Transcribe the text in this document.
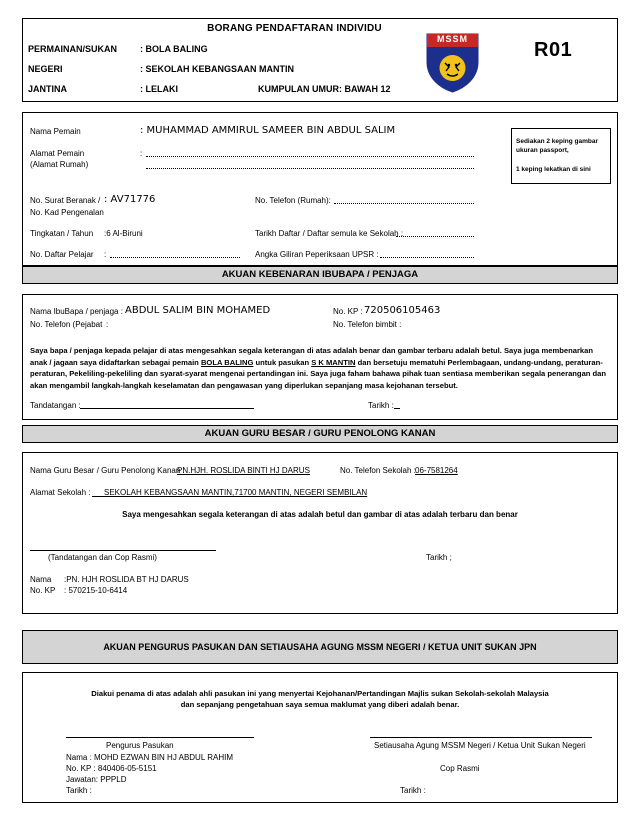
BORANG PENDAFTARAN INDIVIDU
PERMAINAN/SUKAN	: BOLA BALING
NEGERI	: SEKOLAH KEBANGSAAN MANTIN
JANTINA	: LELAKI	KUMPULAN UMUR: BAWAH 12
MSSM	R01
Nama Pemain	: MUHAMMAD AMMIRUL SAMEER BIN ABDUL SALIM
Alamat Pemain
(Alamat Rumah)
:
Sediakan 2 keping gambar ukuran passport,
1 keping lekatkan di sini
No. Surat Beranak /
No. Kad Pengenalan
: AV71776	No. Telefon (Rumah):
Tingkatan / Tahun :6 Al-Biruni	Tarikh Daftar / Daftar semula ke Sekolah :
No. Daftar Pelajar :	Angka Giliran Peperiksaan UPSR :
AKUAN KEBENARAN IBUBAPA / PENJAGA
Nama IbuBapa / penjaga : ABDUL SALIM BIN MOHAMED	No. KP : 720506105463
No. Telefon (Pejabat :	No. Telefon bimbit :
Saya bapa / penjaga kepada pelajar di atas mengesahkan segala keterangan di atas adalah benar dan gambar terbaru adalah betul. Saya juga membenarkan anak / jagaan saya didaftarkan sebagai pemain BOLA BALING untuk pasukan S K MANTIN dan bersetuju mematuhi Perlembagaan, undang-undang, peraturan-peraturan, Pekeliling-pekeliling dan syarat-syarat mengenai pertandingan ini. Saya juga faham bahawa pihak tuan sentiasa memberikan segala penerangan dan akan mengambil langkah-langkah keselamatan dan pengawasan yang diperlukan sepanjang masa kejohanan tersebut.
Tandatangan :	Tarikh :
AKUAN GURU BESAR / GURU PENOLONG KANAN
Nama Guru Besar / Guru Penolong Kanan :
PN.HJH. ROSLIDA BINTI HJ DARUS	No. Telefon Sekolah : 06-7581264
Alamat Sekolah : SEKOLAH KEBANGSAAN MANTIN,71700 MANTIN, NEGERI SEMBILAN
Saya mengesahkan segala keterangan di atas adalah betul dan gambar di atas adalah terbaru dan benar
(Tandatangan dan Cop Rasmi)	Tarikh ;
Nama :PN. HJH ROSLIDA BT HJ DARUS
No. KP : 570215-10-6414
AKUAN PENGURUS PASUKAN DAN SETIAUSAHA AGUNG MSSM NEGERI / KETUA UNIT SUKAN JPN
Diakui penama di atas adalah ahli pasukan ini yang menyertai Kejohanan/Pertandingan Majlis sukan Sekolah-sekolah Malaysia
dan sepanjang pengetahuan saya semua maklumat yang diberi adalah benar.
Pengurus Pasukan	Setiausaha Agung MSSM Negeri / Ketua Unit Sukan Negeri
Nama : MOHD EZWAN BIN HJ ABDUL RAHIM
No. KP : 840406-05-5151	Cop Rasmi
Jawatan: PPPLD
Tarikh :	Tarikh :
